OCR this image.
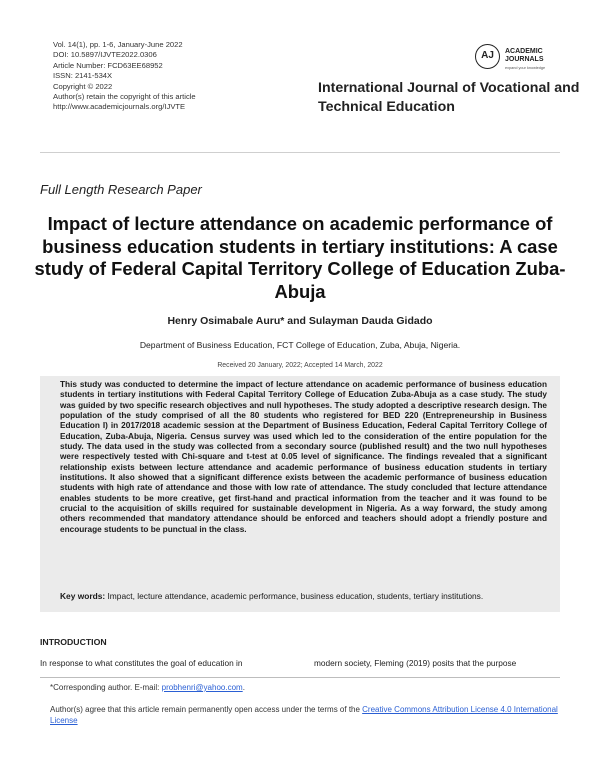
Vol. 14(1), pp. 1-6, January-June 2022
DOI: 10.5897/IJVTE2022.0306
Article Number: FCD63EE68952
ISSN: 2141-534X
Copyright © 2022
Author(s) retain the copyright of this article
http://www.academicjournals.org/IJVTE
AJ	ACADEMIC
JOURNALS
expand your knowledge
International Journal of Vocational and Technical Education
Full Length Research Paper
Impact of lecture attendance on academic performance of business education students in tertiary institutions: A case study of Federal Capital Territory College of Education Zuba-Abuja
Henry Osimabale Auru* and Sulayman Dauda Gidado
Department of Business Education, FCT College of Education, Zuba, Abuja, Nigeria.
Received 20 January, 2022; Accepted 14 March, 2022
This study was conducted to determine the impact of lecture attendance on academic performance of business education students in tertiary institutions with Federal Capital Territory College of Education Zuba-Abuja as a case study. The study was guided by two specific research objectives and null hypotheses. The study adopted a descriptive research design. The population of the study comprised of all the 80 students who registered for BED 220 (Entrepreneurship in Business Education I) in 2017/2018 academic session at the Department of Business Education, Federal Capital Territory College of Education, Zuba-Abuja, Nigeria. Census survey was used which led to the consideration of the entire population for the study. The data used in the study was collected from a secondary source (published result) and the two null hypotheses were respectively tested with Chi-square and t-test at 0.05 level of significance. The findings revealed that a significant relationship exists between lecture attendance and academic performance of business education students in tertiary institutions. It also showed that a significant difference exists between the academic performance of business education students with high rate of attendance and those with low rate of attendance. The study concluded that lecture attendance enables students to be more creative, get first-hand and practical information from the teacher and it was found to be crucial to the acquisition of skills required for sustainable development in Nigeria. As a way forward, the study among others recommended that mandatory attendance should be enforced and teachers should adopt a friendly posture and encourage students to be punctual in the class.
Key words: Impact, lecture attendance, academic performance, business education, students, tertiary institutions.
INTRODUCTION
In response to what constitutes the goal of education in	modern society, Fleming (2019) posits that the purpose
*Corresponding author. E-mail: probhenri@yahoo.com.
Author(s) agree that this article remain permanently open access under the terms of the Creative Commons Attribution License 4.0 International License
